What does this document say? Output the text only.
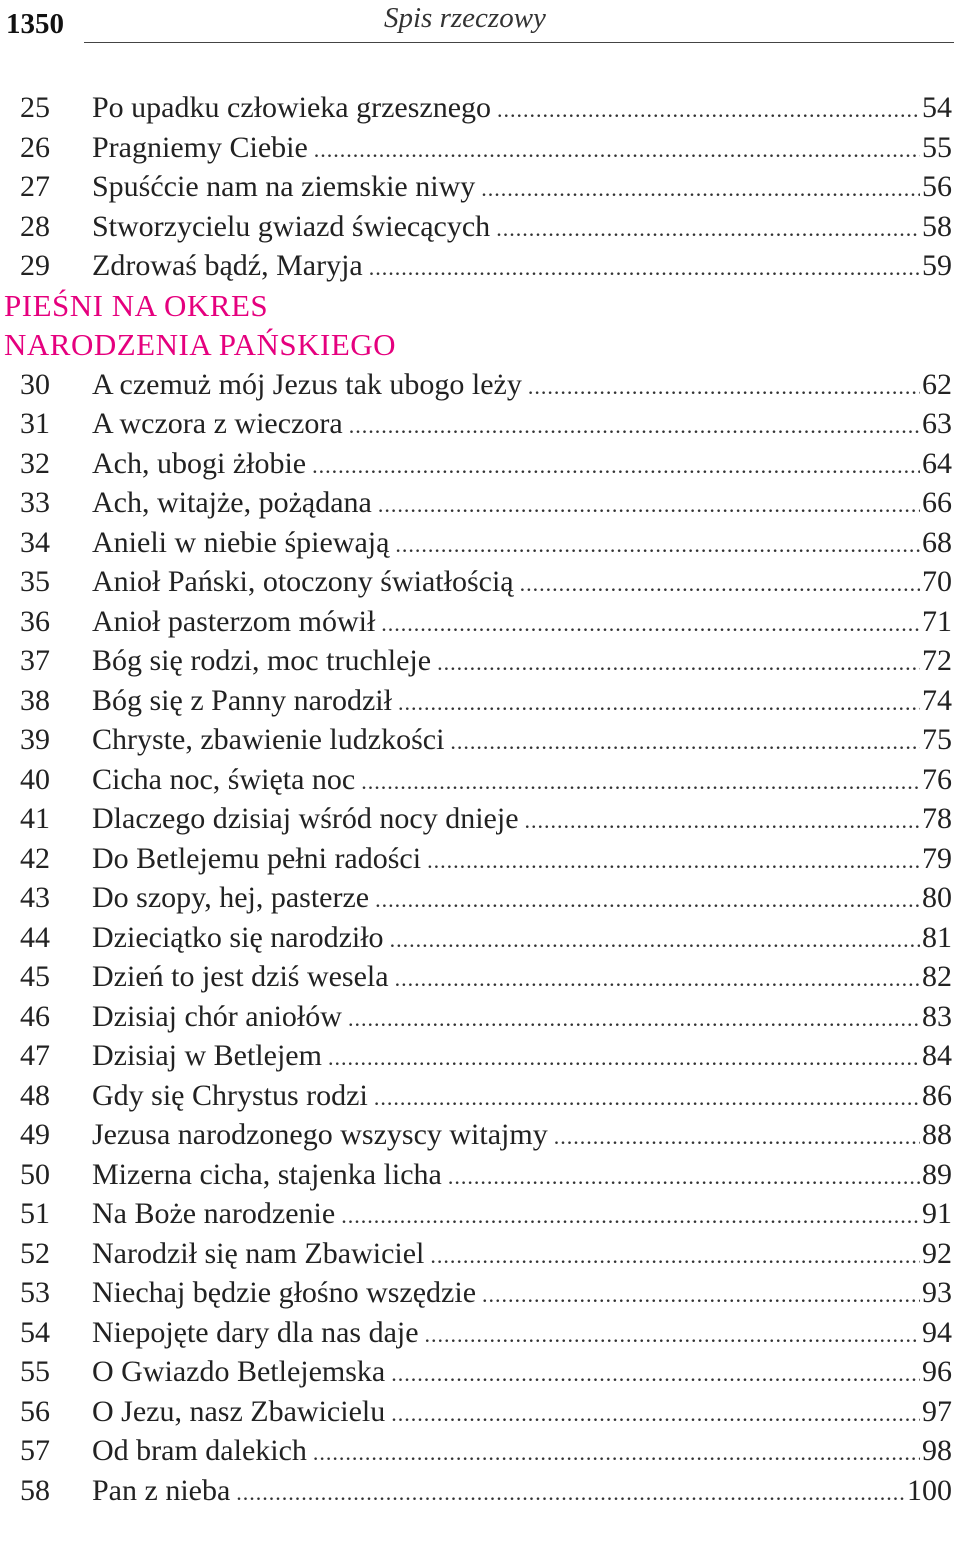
1350	Spis rzeczowy
25 Po upadku człowieka grzesznego .....	54
26 Pragniemy Ciebie .....	55
27 Spuśćcie nam na ziemskie niwy .....	56
28 Stworzycielu gwiazd świecących .....	58
29 Zdrowaś bądź, Maryja .....	59
PIEŚNI NA OKRES
NARODZENIA PAŃSKIEGO
30 A czemuż mój Jezus tak ubogo leży .....	62
31 A wczora z wieczora .....	63
32 Ach, ubogi żłobie .....	64
33 Ach, witajże, pożądana .....	66
34 Anieli w niebie śpiewają .....	68
35 Anioł Pański, otoczony światłością .....	70
36 Anioł pasterzom mówił .....	71
37 Bóg się rodzi, moc truchleje .....	72
38 Bóg się z Panny narodził .....	74
39 Chryste, zbawienie ludzkości .....	75
40 Cicha noc, święta noc .....	76
41 Dlaczego dzisiaj wśród nocy dnieje .....	78
42 Do Betlejemu pełni radości .....	79
43 Do szopy, hej, pasterze .....	80
44 Dzieciątko się narodziło .....	81
45 Dzień to jest dziś wesela .....	82
46 Dzisiaj chór aniołów .....	83
47 Dzisiaj w Betlejem .....	84
48 Gdy się Chrystus rodzi .....	86
49 Jezusa narodzonego wszyscy witajmy .....	88
50 Mizerna cicha, stajenka licha .....	89
51 Na Boże narodzenie .....	91
52 Narodził się nam Zbawiciel .....	92
53 Niechaj będzie głośno wszędzie .....	93
54 Niepojęte dary dla nas daje .....	94
55 O Gwiazdo Betlejemska .....	96
56 O Jezu, nasz Zbawicielu .....	97
57 Od bram dalekich .....	98
58 Pan z nieba .....	100
